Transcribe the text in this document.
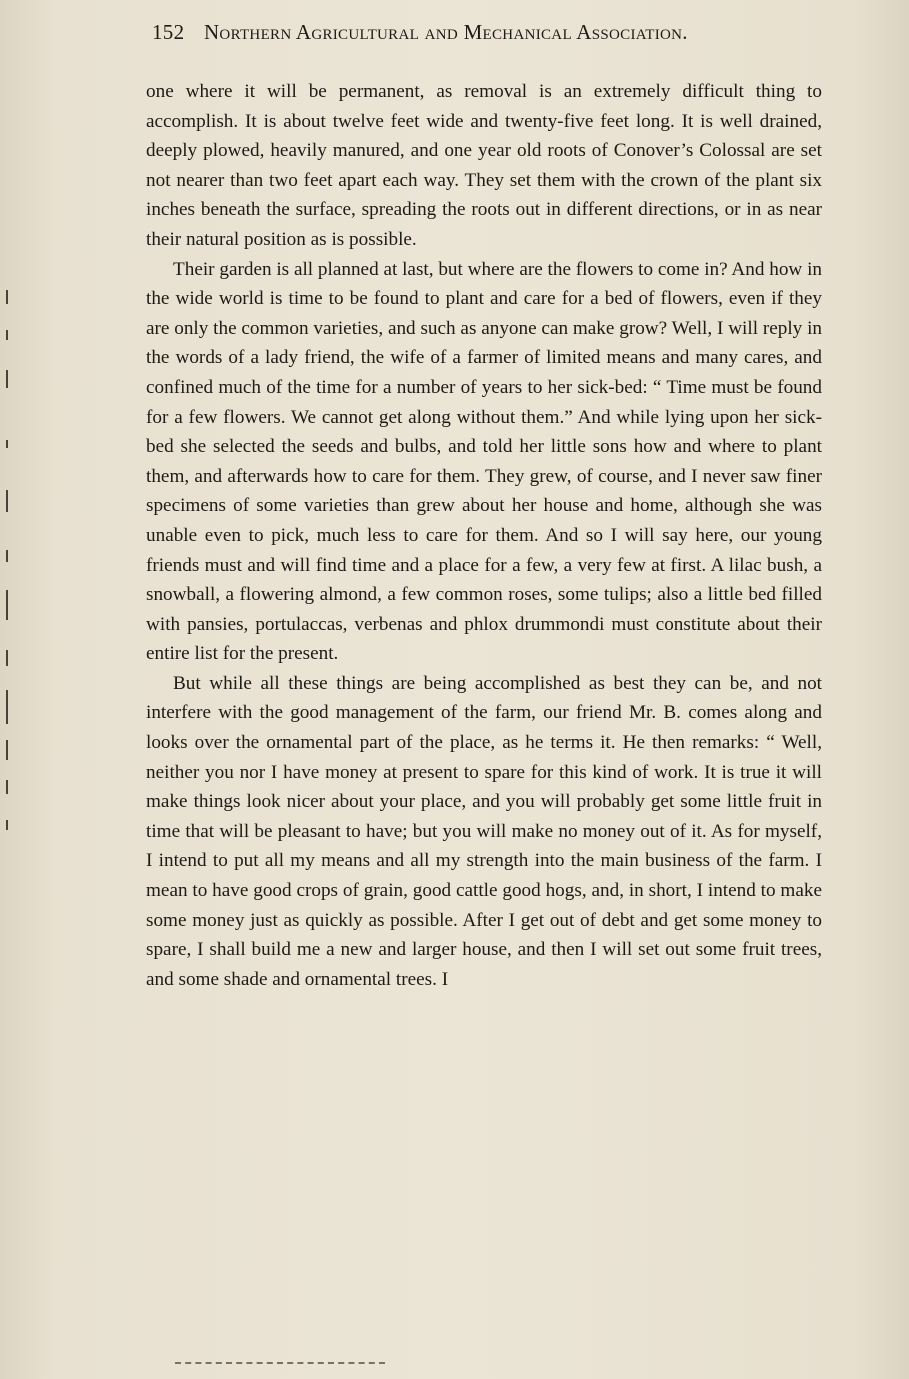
152 Northern Agricultural and Mechanical Association.

one where it will be permanent, as removal is an extremely difficult thing to accomplish. It is about twelve feet wide and twenty-five feet long. It is well drained, deeply plowed, heavily manured, and one year old roots of Conover’s Colossal are set not nearer than two feet apart each way. They set them with the crown of the plant six inches beneath the surface, spreading the roots out in different directions, or in as near their natural position as is possible.

Their garden is all planned at last, but where are the flowers to come in? And how in the wide world is time to be found to plant and care for a bed of flowers, even if they are only the common varieties, and such as anyone can make grow? Well, I will reply in the words of a lady friend, the wife of a farmer of limited means and many cares, and confined much of the time for a number of years to her sick-bed: “ Time must be found for a few flowers. We cannot get along without them.” And while lying upon her sick-bed she selected the seeds and bulbs, and told her little sons how and where to plant them, and afterwards how to care for them. They grew, of course, and I never saw finer specimens of some varieties than grew about her house and home, although she was unable even to pick, much less to care for them. And so I will say here, our young friends must and will find time and a place for a few, a very few at first. A lilac bush, a snowball, a flowering almond, a few common roses, some tulips; also a little bed filled with pansies, portulaccas, verbenas and phlox drummondi must constitute about their entire list for the present.

But while all these things are being accomplished as best they can be, and not interfere with the good management of the farm, our friend Mr. B. comes along and looks over the ornamental part of the place, as he terms it. He then remarks: “ Well, neither you nor I have money at present to spare for this kind of work. It is true it will make things look nicer about your place, and you will probably get some little fruit in time that will be pleasant to have; but you will make no money out of it. As for myself, I intend to put all my means and all my strength into the main business of the farm. I mean to have good crops of grain, good cattle good hogs, and, in short, I intend to make some money just as quickly as possible. After I get out of debt and get some money to spare, I shall build me a new and larger house, and then I will set out some fruit trees, and some shade and ornamental trees. I
